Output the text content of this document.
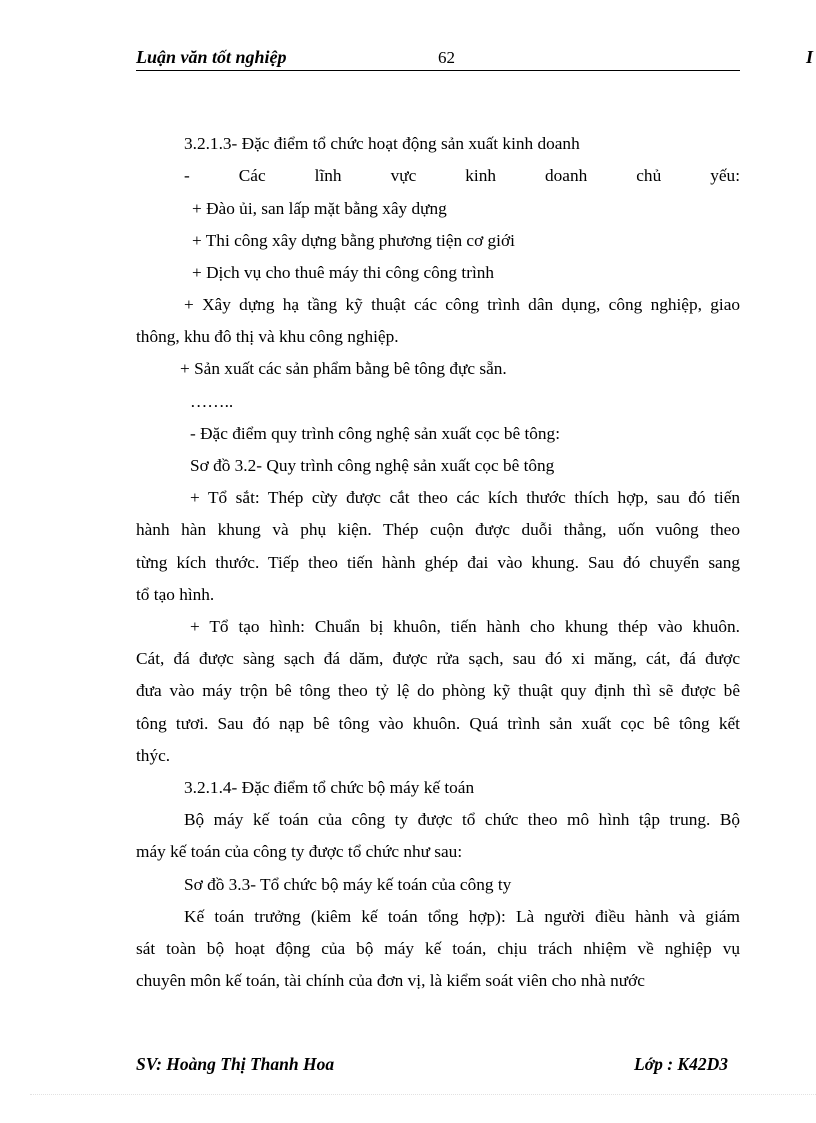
Luận văn tốt nghiệp	62	I
3.2.1.3- Đặc điểm tổ chức hoạt động sản xuất kinh doanh
- Các lĩnh vực kinh doanh chủ yếu:
+ Đào ủi, san lấp mặt bằng xây dựng
+ Thi công xây dựng bằng phương tiện cơ giới
+ Dịch vụ cho thuê máy thi công công trình
+ Xây dựng hạ tầng kỹ thuật các công trình dân dụng, công nghiệp, giao
thông, khu đô thị và khu công nghiệp.
+ Sản xuất các sản phẩm bằng bê tông đực sẵn.
……..
- Đặc điểm quy trình công nghệ sản xuất cọc bê tông:
Sơ đồ 3.2- Quy trình công nghệ sản xuất cọc bê tông
+ Tổ sắt: Thép cừy được cắt theo các kích thước thích hợp, sau đó tiến
hành hàn khung và phụ kiện. Thép cuộn được duỗi thẳng, uốn vuông theo
từng kích thước. Tiếp theo tiến hành ghép đai vào khung. Sau đó chuyển sang
tổ tạo hình.
+ Tổ tạo hình: Chuẩn bị khuôn, tiến hành cho khung thép vào khuôn.
Cát, đá được sàng sạch đá dăm, được rửa sạch, sau đó xi măng, cát, đá được
đưa vào máy trộn bê tông theo tỷ lệ do phòng kỹ thuật quy định thì sẽ được bê
tông tươi. Sau đó nạp bê tông vào khuôn. Quá trình sản xuất cọc bê tông kết
thýc.
3.2.1.4- Đặc điểm tổ chức bộ máy kế toán
Bộ máy kế toán của công ty được tổ chức theo mô hình tập trung. Bộ
máy kế toán của công ty được tổ chức như sau:
Sơ đồ 3.3- Tổ chức bộ máy kế toán của công ty
Kế toán trưởng (kiêm kế toán tổng hợp): Là người điều hành và giám
sát toàn bộ hoạt động của bộ máy kế toán, chịu trách nhiệm về nghiệp vụ
chuyên môn kế toán, tài chính của đơn vị, là kiểm soát viên cho nhà nước
SV: Hoàng Thị Thanh Hoa	Lớp : K42D3
